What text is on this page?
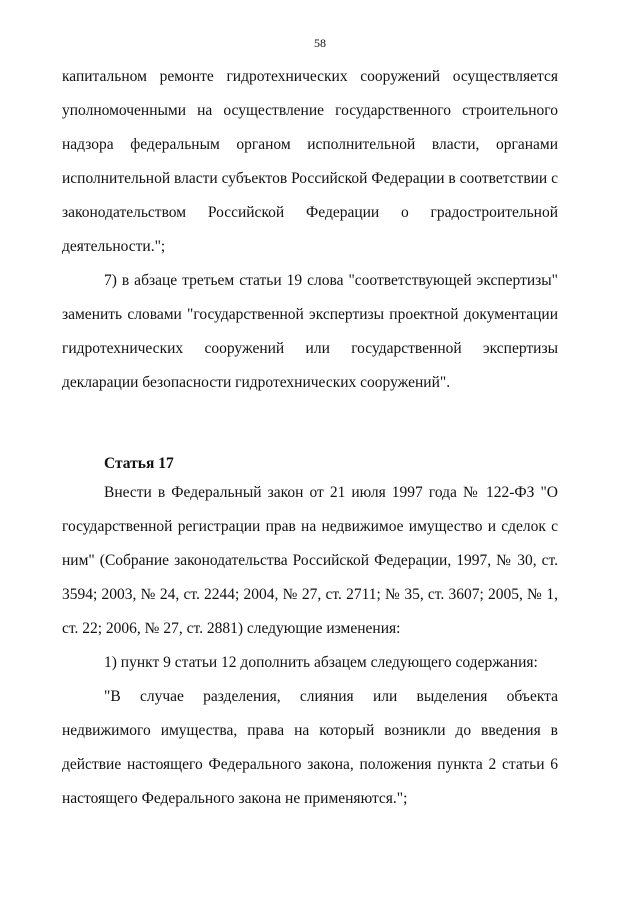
58

капитальном ремонте гидротехнических сооружений осуществляется уполномоченными на осуществление государственного строительного надзора федеральным органом исполнительной власти, органами исполнительной власти субъектов Российской Федерации в соответствии с законодательством Российской Федерации о градостроительной деятельности.";

7) в абзаце третьем статьи 19 слова "соответствующей экспертизы" заменить словами "государственной экспертизы проектной документации гидротехнических сооружений или государственной экспертизы декларации безопасности гидротехнических сооружений".

Статья 17

Внести в Федеральный закон от 21 июля 1997 года № 122-ФЗ "О государственной регистрации прав на недвижимое имущество и сделок с ним" (Собрание законодательства Российской Федерации, 1997, № 30, ст. 3594; 2003, № 24, ст. 2244; 2004, № 27, ст. 2711; № 35, ст. 3607; 2005, № 1, ст. 22; 2006, № 27, ст. 2881) следующие изменения:

1) пункт 9 статьи 12 дополнить абзацем следующего содержания:

"В случае разделения, слияния или выделения объекта недвижимого имущества, права на который возникли до введения в действие настоящего Федерального закона, положения пункта 2 статьи 6 настоящего Федерального закона не применяются.";
